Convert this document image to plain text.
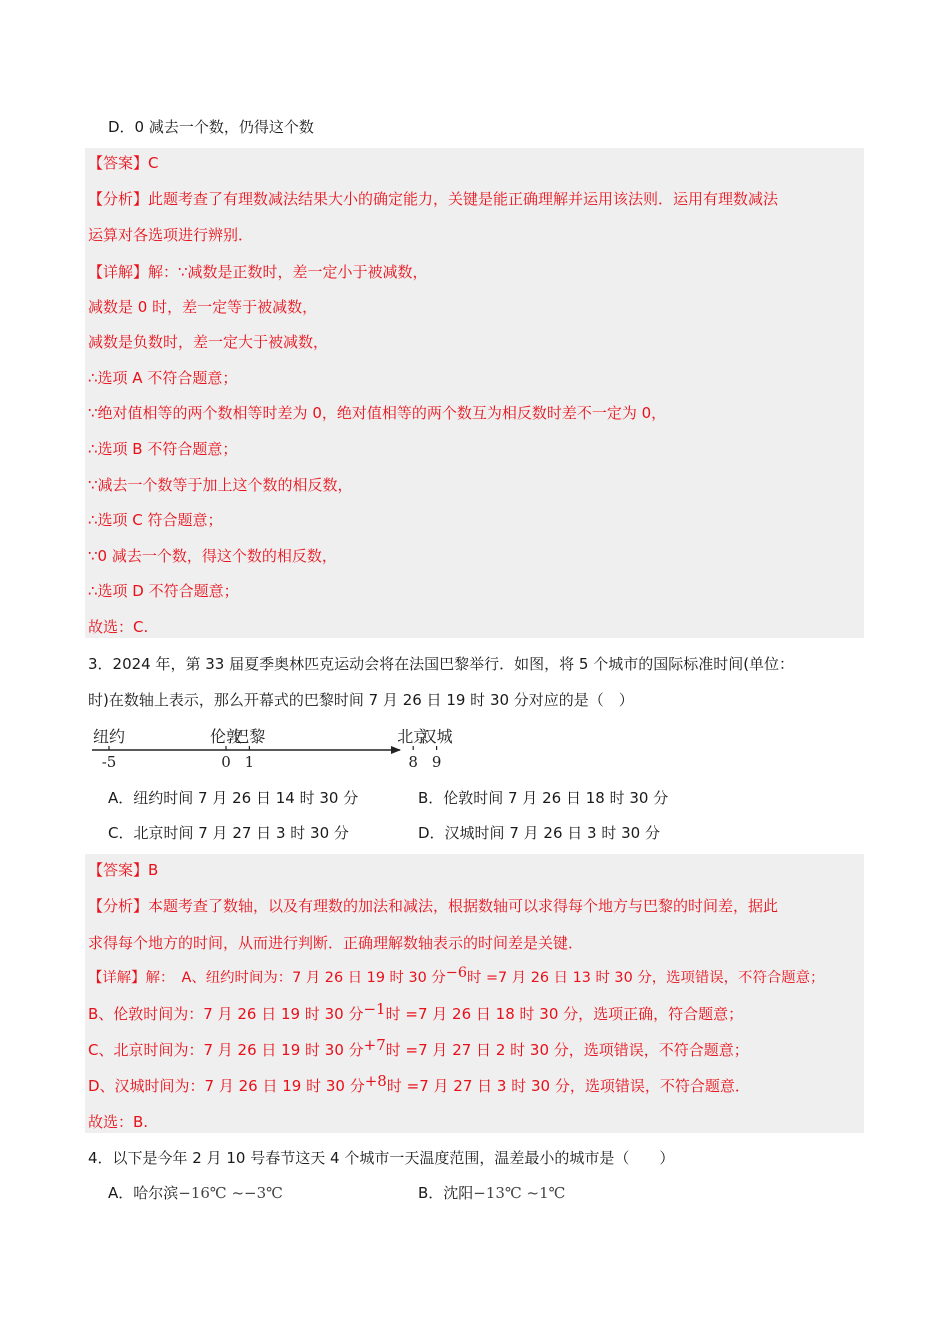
D．0 减去一个数，仍得这个数
【答案】C
【分析】此题考查了有理数减法结果大小的确定能力，关键是能正确理解并运用该法则．运用有理数减法
运算对各选项进行辨别．
【详解】解：∵减数是正数时，差一定小于被减数，
减数是 0 时，差一定等于被减数，
减数是负数时，差一定大于被减数，
∴选项 A 不符合题意；
∵绝对值相等的两个数相等时差为 0，绝对值相等的两个数互为相反数时差不一定为 0，
∴选项 B 不符合题意；
∵减去一个数等于加上这个数的相反数，
∴选项 C 符合题意；
∵0 减去一个数，得这个数的相反数，
∴选项 D 不符合题意；
故选：C.
3．2024 年，第 33 届夏季奥林匹克运动会将在法国巴黎举行．如图，将 5 个城市的国际标准时间(单位：
时)在数轴上表示，那么开幕式的巴黎时间 7 月 26 日 19 时 30 分对应的是（　）
纽约
-5
伦敦
0
巴黎
1
北京
8
汉城
9
A．纽约时间 7 月 26 日 14 时 30 分	B．伦敦时间 7 月 26 日 18 时 30 分
C．北京时间 7 月 27 日 3 时 30 分	D．汉城时间 7 月 26 日 3 时 30 分
【答案】B
【分析】本题考查了数轴，以及有理数的加法和减法，根据数轴可以求得每个地方与巴黎的时间差，据此
求得每个地方的时间，从而进行判断．正确理解数轴表示的时间差是关键．
【详解】解：　A、纽约时间为：7 月 26 日 19 时 30 分−6时 =7 月 26 日 13 时 30 分，选项错误，不符合题意；
B、伦敦时间为：7 月 26 日 19 时 30 分−1时 =7 月 26 日 18 时 30 分，选项正确，符合题意；
C、北京时间为：7 月 26 日 19 时 30 分+7时 =7 月 27 日 2 时 30 分，选项错误，不符合题意；
D、汉城时间为：7 月 26 日 19 时 30 分+8时 =7 月 27 日 3 时 30 分，选项错误，不符合题意．
故选：B.
4．以下是今年 2 月 10 号春节这天 4 个城市一天温度范围，温差最小的城市是（　　）
A．哈尔滨−16℃ ~−3℃	B．沈阳−13℃ ~1℃
